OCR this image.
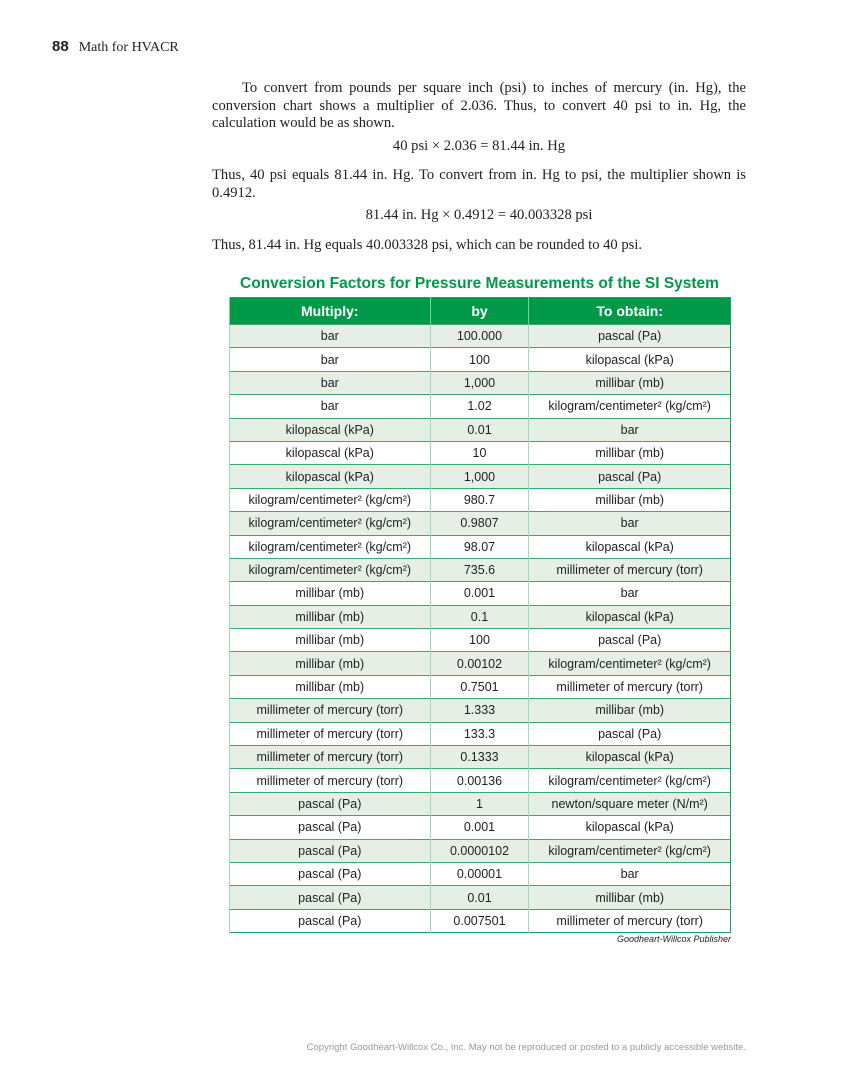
88 Math for HVACR
To convert from pounds per square inch (psi) to inches of mercury (in. Hg), the conversion chart shows a multiplier of 2.036. Thus, to convert 40 psi to in. Hg, the calculation would be as shown.
40 psi × 2.036 = 81.44 in. Hg
Thus, 40 psi equals 81.44 in. Hg. To convert from in. Hg to psi, the multiplier shown is 0.4912.
81.44 in. Hg × 0.4912 = 40.003328 psi
Thus, 81.44 in. Hg equals 40.003328 psi, which can be rounded to 40 psi.
Conversion Factors for Pressure Measurements of the SI System
Multiply:	by	To obtain:
bar	100.000	pascal (Pa)
bar	100	kilopascal (kPa)
bar	1,000	millibar (mb)
bar	1.02	kilogram/centimeter² (kg/cm²)
kilopascal (kPa)	0.01	bar
kilopascal (kPa)	10	millibar (mb)
kilopascal (kPa)	1,000	pascal (Pa)
kilogram/centimeter² (kg/cm²)	980.7	millibar (mb)
kilogram/centimeter² (kg/cm²)	0.9807	bar
kilogram/centimeter² (kg/cm²)	98.07	kilopascal (kPa)
kilogram/centimeter² (kg/cm²)	735.6	millimeter of mercury (torr)
millibar (mb)	0.001	bar
millibar (mb)	0.1	kilopascal (kPa)
millibar (mb)	100	pascal (Pa)
millibar (mb)	0.00102	kilogram/centimeter² (kg/cm²)
millibar (mb)	0.7501	millimeter of mercury (torr)
millimeter of mercury (torr)	1.333	millibar (mb)
millimeter of mercury (torr)	133.3	pascal (Pa)
millimeter of mercury (torr)	0.1333	kilopascal (kPa)
millimeter of mercury (torr)	0.00136	kilogram/centimeter² (kg/cm²)
pascal (Pa)	1	newton/square meter (N/m²)
pascal (Pa)	0.001	kilopascal (kPa)
pascal (Pa)	0.0000102	kilogram/centimeter² (kg/cm²)
pascal (Pa)	0.00001	bar
pascal (Pa)	0.01	millibar (mb)
pascal (Pa)	0.007501	millimeter of mercury (torr)
Goodheart-Willcox Publisher
Copyright Goodheart-Willcox Co., Inc. May not be reproduced or posted to a publicly accessible website.
